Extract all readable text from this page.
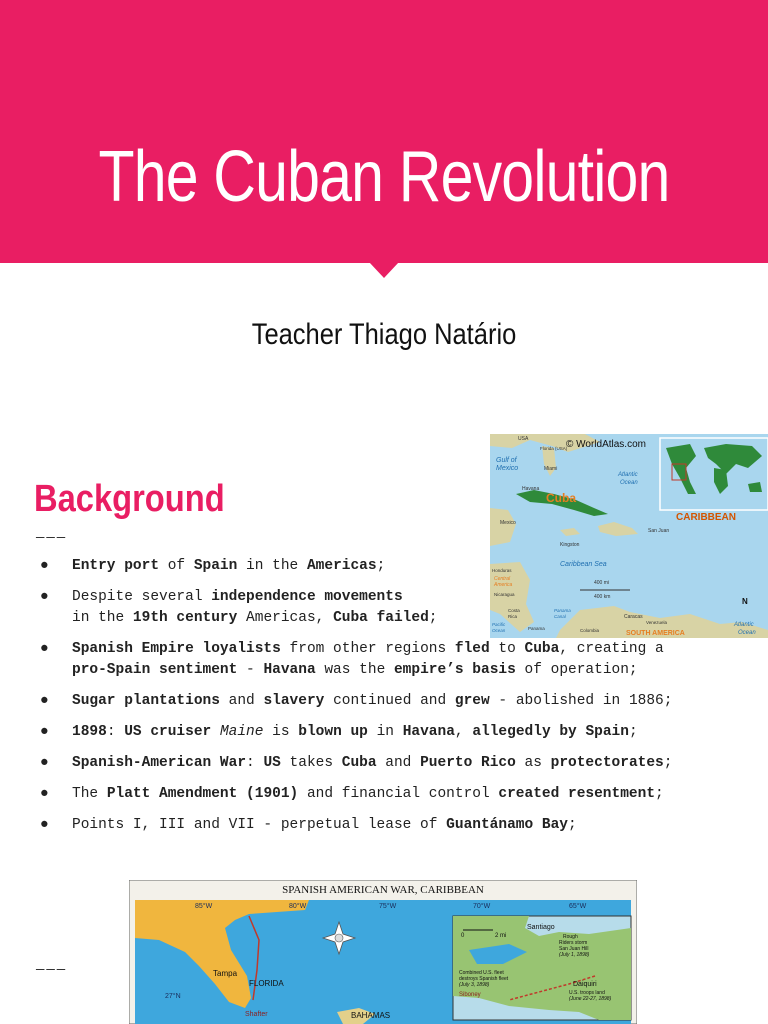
The Cuban Revolution
Teacher Thiago Natário
Background
———
● Entry port of Spain in the Americas;
● Despite several independence movements
in the 19th century Americas, Cuba failed;
● Spanish Empire loyalists from other regions fled to Cuba, creating a pro-Spain sentiment - Havana was the empire’s basis of operation;
● Sugar plantations and slavery continued and grew - abolished in 1886;
● 1898: US cruiser Maine is blown up in Havana, allegedly by Spain;
● Spanish-American War: US takes Cuba and Puerto Rico as protectorates;
● The Platt Amendment (1901) and financial control created resentment;
● Points I, III and VII - perpetual lease of Guantánamo Bay;
———
© WorldAtlas.com
USA
Florida (USA)
Gulf of
Mexico	Miami
Havana
Cuba
Atlantic
Ocean
Mexico	CARIBBEAN
San Juan
Kingston
Caribbean Sea
400 mi
400 km
Honduras
Central
America
Nicaragua
Costa
Rica
Panama
Canal
Pacific
Ocean	Panama
Caracas
Venezuela
Colombia	SOUTH AMERICA
N
Atlantic
Ocean
SPANISH AMERICAN WAR, CARIBBEAN
85°W	80°W	75°W	70°W	65°W
27°N
Tampa
FLORIDA
BAHAMAS
Shafter
Santiago
0	2 mi	Rough
Riders storm
San Juan Hill
(July 1, 1898)
Combined U.S. fleet
destroys Spanish fleet
(July 3, 1898)	Daiquiri
U.S. troops land
(June 22-27, 1898)
Siboney
